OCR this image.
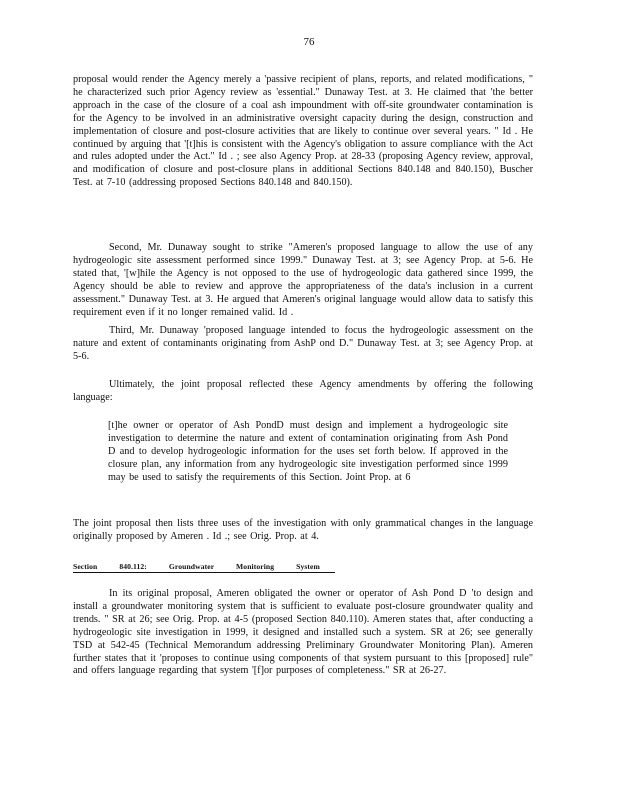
76

proposal would render the Agency merely a 'passive recipient of plans, reports, and related modifications, " he characterized such prior Agency review as 'essential." Dunaway Test. at 3. He claimed that 'the better approach in the case of the closure of a coal ash impoundment with off-site groundwater contamination is for the Agency to be involved in an administrative oversight capacity during the design, construction and implementation of closure and post-closure activities that are likely to continue over several years. " Id . He continued by arguing that '[t]his is consistent with the Agency's obligation to assure compliance with the Act and rules adopted under the Act." Id . ; see also Agency Prop. at 28-33 (proposing Agency review, approval, and modification of closure and post-closure plans in additional Sections 840.148 and 840.150), Buscher Test. at 7-10 (addressing proposed Sections 840.148 and 840.150).

Second, Mr. Dunaway sought to strike "Ameren's proposed language to allow the use of any hydrogeologic site assessment performed since 1999." Dunaway Test. at 3; see Agency Prop. at 5-6. He stated that, '[w]hile the Agency is not opposed to the use of hydrogeologic data gathered since 1999, the Agency should be able to review and approve the appropriateness of the data's inclusion in a current assessment." Dunaway Test. at 3. He argued that Ameren's original language would allow data to satisfy this requirement even if it no longer remained valid. Id .

Third, Mr. Dunaway 'proposed language intended to focus the hydrogeologic assessment on the nature and extent of contaminants originating from AshP ond D." Dunaway Test. at 3; see Agency Prop. at 5-6.

Ultimately, the joint proposal reflected these Agency amendments by offering the following language:

[t]he owner or operator of Ash PondD must design and implement a hydrogeologic site investigation to determine the nature and extent of contamination originating from Ash Pond D and to develop hydrogeologic information for the uses set forth below. If approved in the closure plan, any information from any hydrogeologic site investigation performed since 1999 may be used to satisfy the requirements of this Section. Joint Prop. at 6

The joint proposal then lists three uses of the investigation with only grammatical changes in the language originally proposed by Ameren . Id .; see Orig. Prop. at 4.

Section 840.112: Groundwater Monitoring System

In its original proposal, Ameren obligated the owner or operator of Ash Pond D 'to design and install a groundwater monitoring system that is sufficient to evaluate post-closure groundwater quality and trends. " SR at 26; see Orig. Prop. at 4-5 (proposed Section 840.110). Ameren states that, after conducting a hydrogeologic site investigation in 1999, it designed and installed such a system. SR at 26; see generally TSD at 542-45 (Technical Memorandum addressing Preliminary Groundwater Monitoring Plan). Ameren further states that it 'proposes to continue using components of that system pursuant to this [proposed] rule" and offers language regarding that system '[f]or purposes of completeness." SR at 26-27.
